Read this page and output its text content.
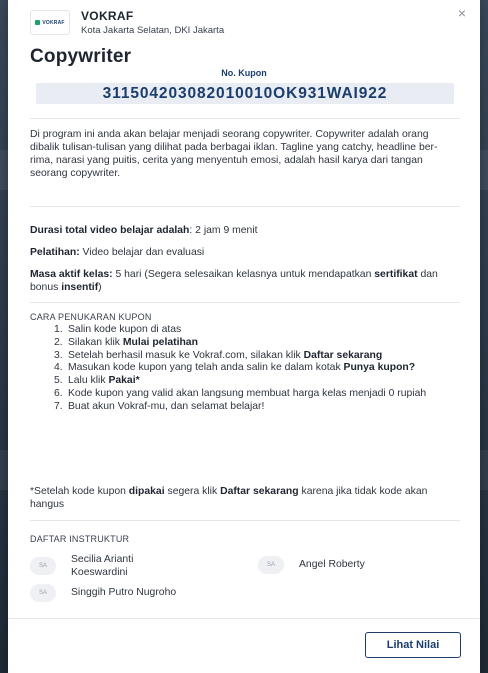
VOKRAF VOKRAF
Kota Jakarta Selatan, DKI Jakarta
×
Copywriter
No. Kupon
311504203082010010OK931WAI922

Di program ini anda akan belajar menjadi seorang copywriter. Copywriter adalah orang dibalik tulisan-tulisan yang dilihat pada berbagai iklan. Tagline yang catchy, headline ber-rima, narasi yang puitis, cerita yang menyentuh emosi, adalah hasil karya dari tangan seorang copywriter.

Durasi total video belajar adalah: 2 jam 9 menit

Pelatihan: Video belajar dan evaluasi

Masa aktif kelas: 5 hari (Segera selesaikan kelasnya untuk mendapatkan sertifikat dan bonus insentif)

CARA PENUKARAN KUPON
1. Salin kode kupon di atas
2. Silakan klik Mulai pelatihan
3. Setelah berhasil masuk ke Vokraf.com, silakan klik Daftar sekarang
4. Masukan kode kupon yang telah anda salin ke dalam kotak Punya kupon?
5. Lalu klik Pakai*
6. Kode kupon yang valid akan langsung membuat harga kelas menjadi 0 rupiah
7. Buat akun Vokraf-mu, dan selamat belajar!

*Setelah kode kupon dipakai segera klik Daftar sekarang karena jika tidak kode akan hangus

DAFTAR INSTRUKTUR
SA
Secilia Arianti Koeswardini
SA	Angel Roberty
SA	Singgih Putro Nugroho
Lihat Nilai
